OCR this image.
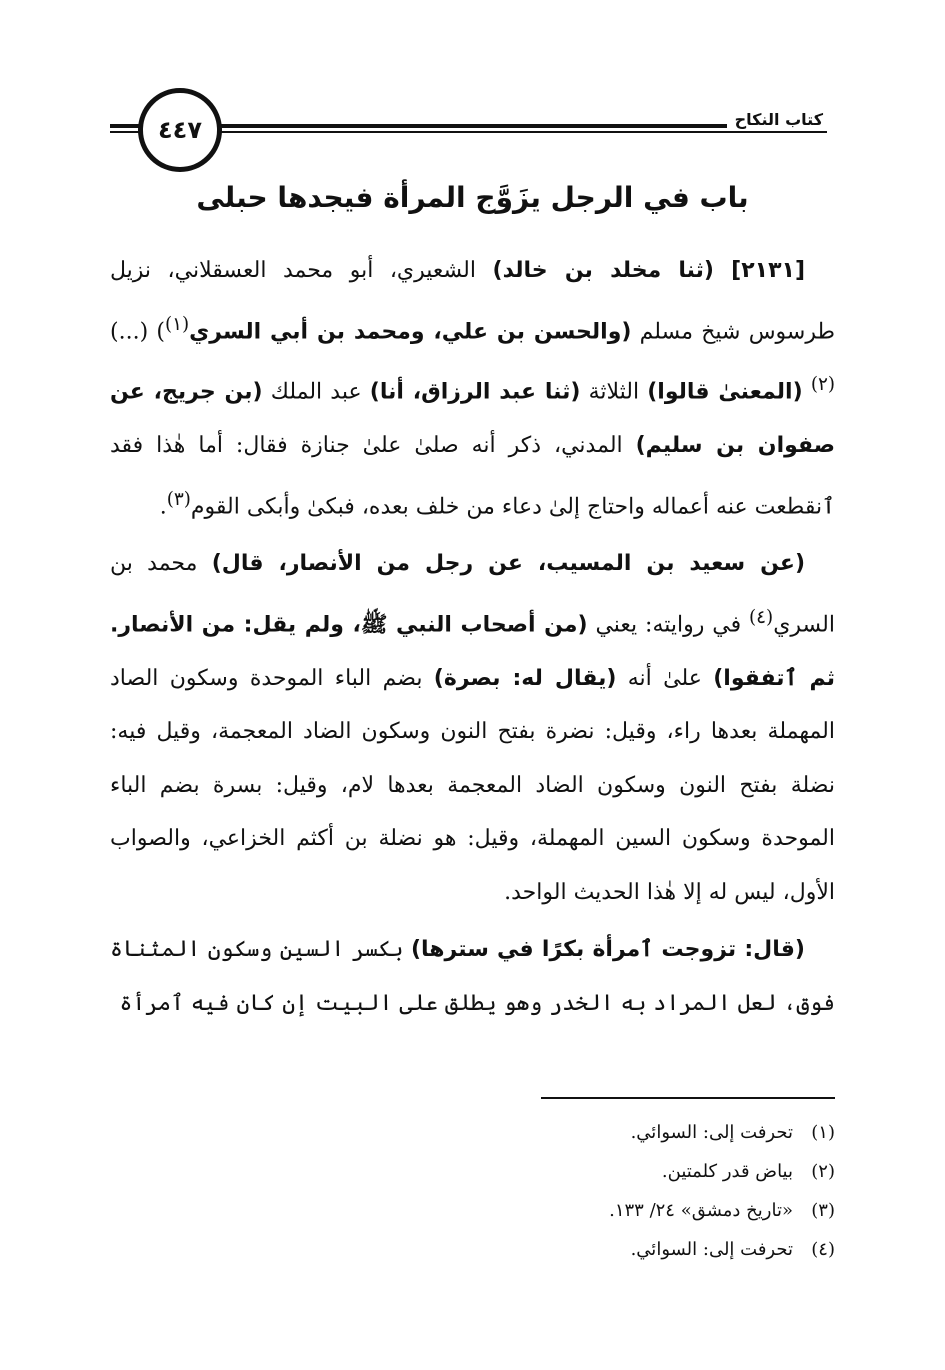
٤٤٧	كتاب النكاح
باب في الرجل يزَوَّج المرأة فيجدها حبلى

[٢١٣١] (ثنا مخلد بن خالد) الشعيري، أبو محمد العسقلاني، نزيل طرسوس شيخ مسلم (والحسن بن علي، ومحمد بن أبي السري$^{(١)}$) (...)$^{(٢)}$ (المعنىٰ قالوا) الثلاثة (ثنا عبد الرزاق، أنا) عبد الملك (بن جريج، عن صفوان بن سليم) المدني، ذكر أنه صلىٰ علىٰ جنازة فقال: أما هٰذا فقد ٱنقطعت عنه أعماله واحتاج إلىٰ دعاء من خلف بعده، فبكىٰ وأبكى القوم$^{(٣)}$.

(عن سعيد بن المسيب، عن رجل من الأنصار، قال) محمد بن السري$^{(٤)}$ في روايته: يعني (من أصحاب النبي ﷺ، ولم يقل: من الأنصار. ثم ٱتفقوا) علىٰ أنه (يقال له: بصرة) بضم الباء الموحدة وسكون الصاد المهملة بعدها راء، وقيل: نضرة بفتح النون وسكون الضاد المعجمة، وقيل فيه: نضلة بفتح النون وسكون الضاد المعجمة بعدها لام، وقيل: بسرة بضم الباء الموحدة وسكون السين المهملة، وقيل: هو نضلة بن أكثم الخزاعي، والصواب الأول، ليس له إلا هٰذا الحديث الواحد.

(قال: تزوجت ٱمرأة بكرًا في سترها) بكسر السين وسكون المثناة فوق، لعل المراد به الخدر وهو يطلق على البيت إن كان فيه ٱمرأة

(١)تحرفت إلى: السوائي.
(٢)بياض قدر كلمتين.
(٣)«تاريخ دمشق» ٢٤/ ١٣٣.
(٤)تحرفت إلى: السوائي.
